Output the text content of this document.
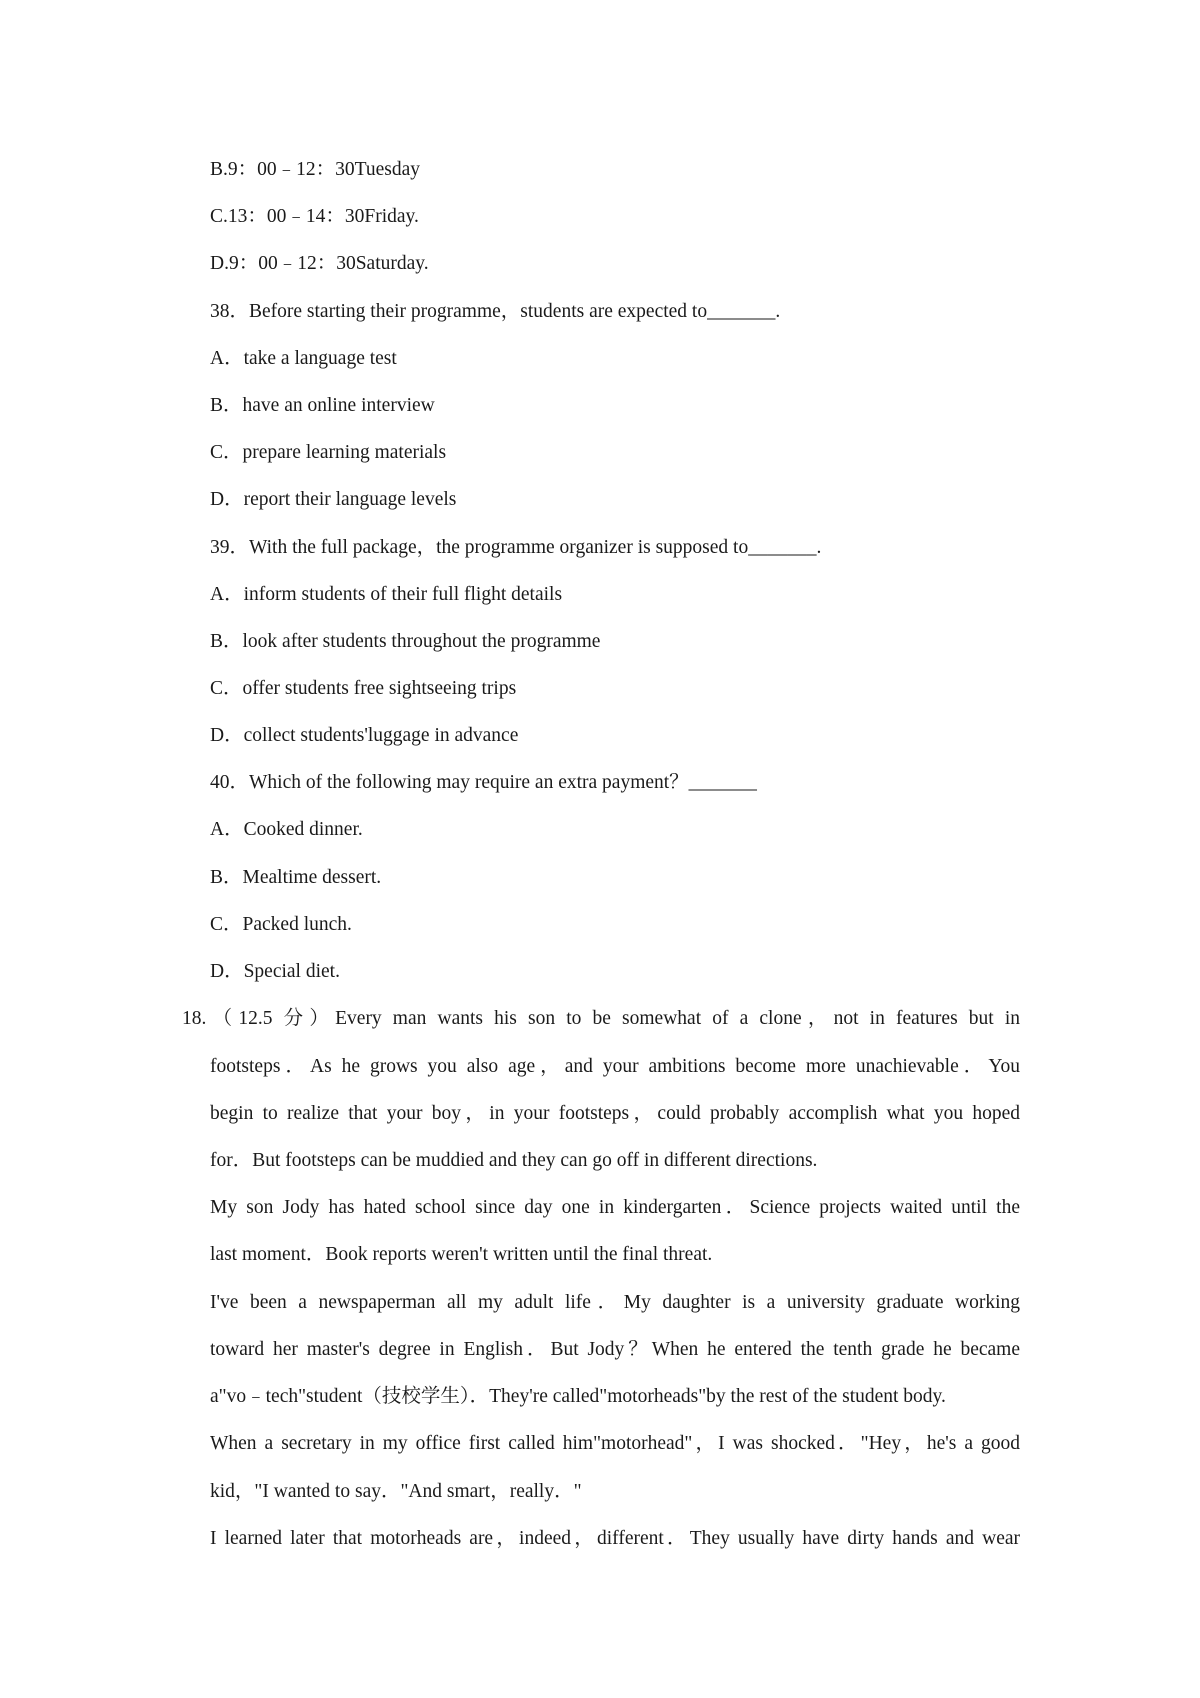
B.9：00﹣12：30Tuesday
C.13：00﹣14：30Friday.
D.9：00﹣12：30Saturday.
38．Before starting their programme，students are expected to_______.
A．take a language test
B．have an online interview
C．prepare learning materials
D．report their language levels
39．With the full package，the programme organizer is supposed to_______.
A．inform students of their full flight details
B．look after students throughout the programme
C．offer students free sightseeing trips
D．collect students'luggage in advance
40．Which of the following may require an extra payment？_______
A．Cooked dinner.
B．Mealtime dessert.
C．Packed lunch.
D．Special diet.
18.（12.5 分）Every man wants his son to be somewhat of a clone，not in features but in
footsteps．As he grows you also age，and your ambitions become more unachievable．You
begin to realize that your boy，in your footsteps，could probably accomplish what you hoped
for．But footsteps can be muddied and they can go off in different directions.
My son Jody has hated school since day one in kindergarten．Science projects waited until the
last moment．Book reports weren't written until the final threat.
I've been a newspaperman all my adult life．My daughter is a university graduate working
toward her master's degree in English．But Jody？When he entered the tenth grade he became
a"vo﹣tech"student（技校学生）．They're called"motorheads"by the rest of the student body.
When a secretary in my office first called him"motorhead"，I was shocked．"Hey，he's a good
kid，"I wanted to say．"And smart，really．"
I learned later that motorheads are，indeed，different．They usually have dirty hands and wear
